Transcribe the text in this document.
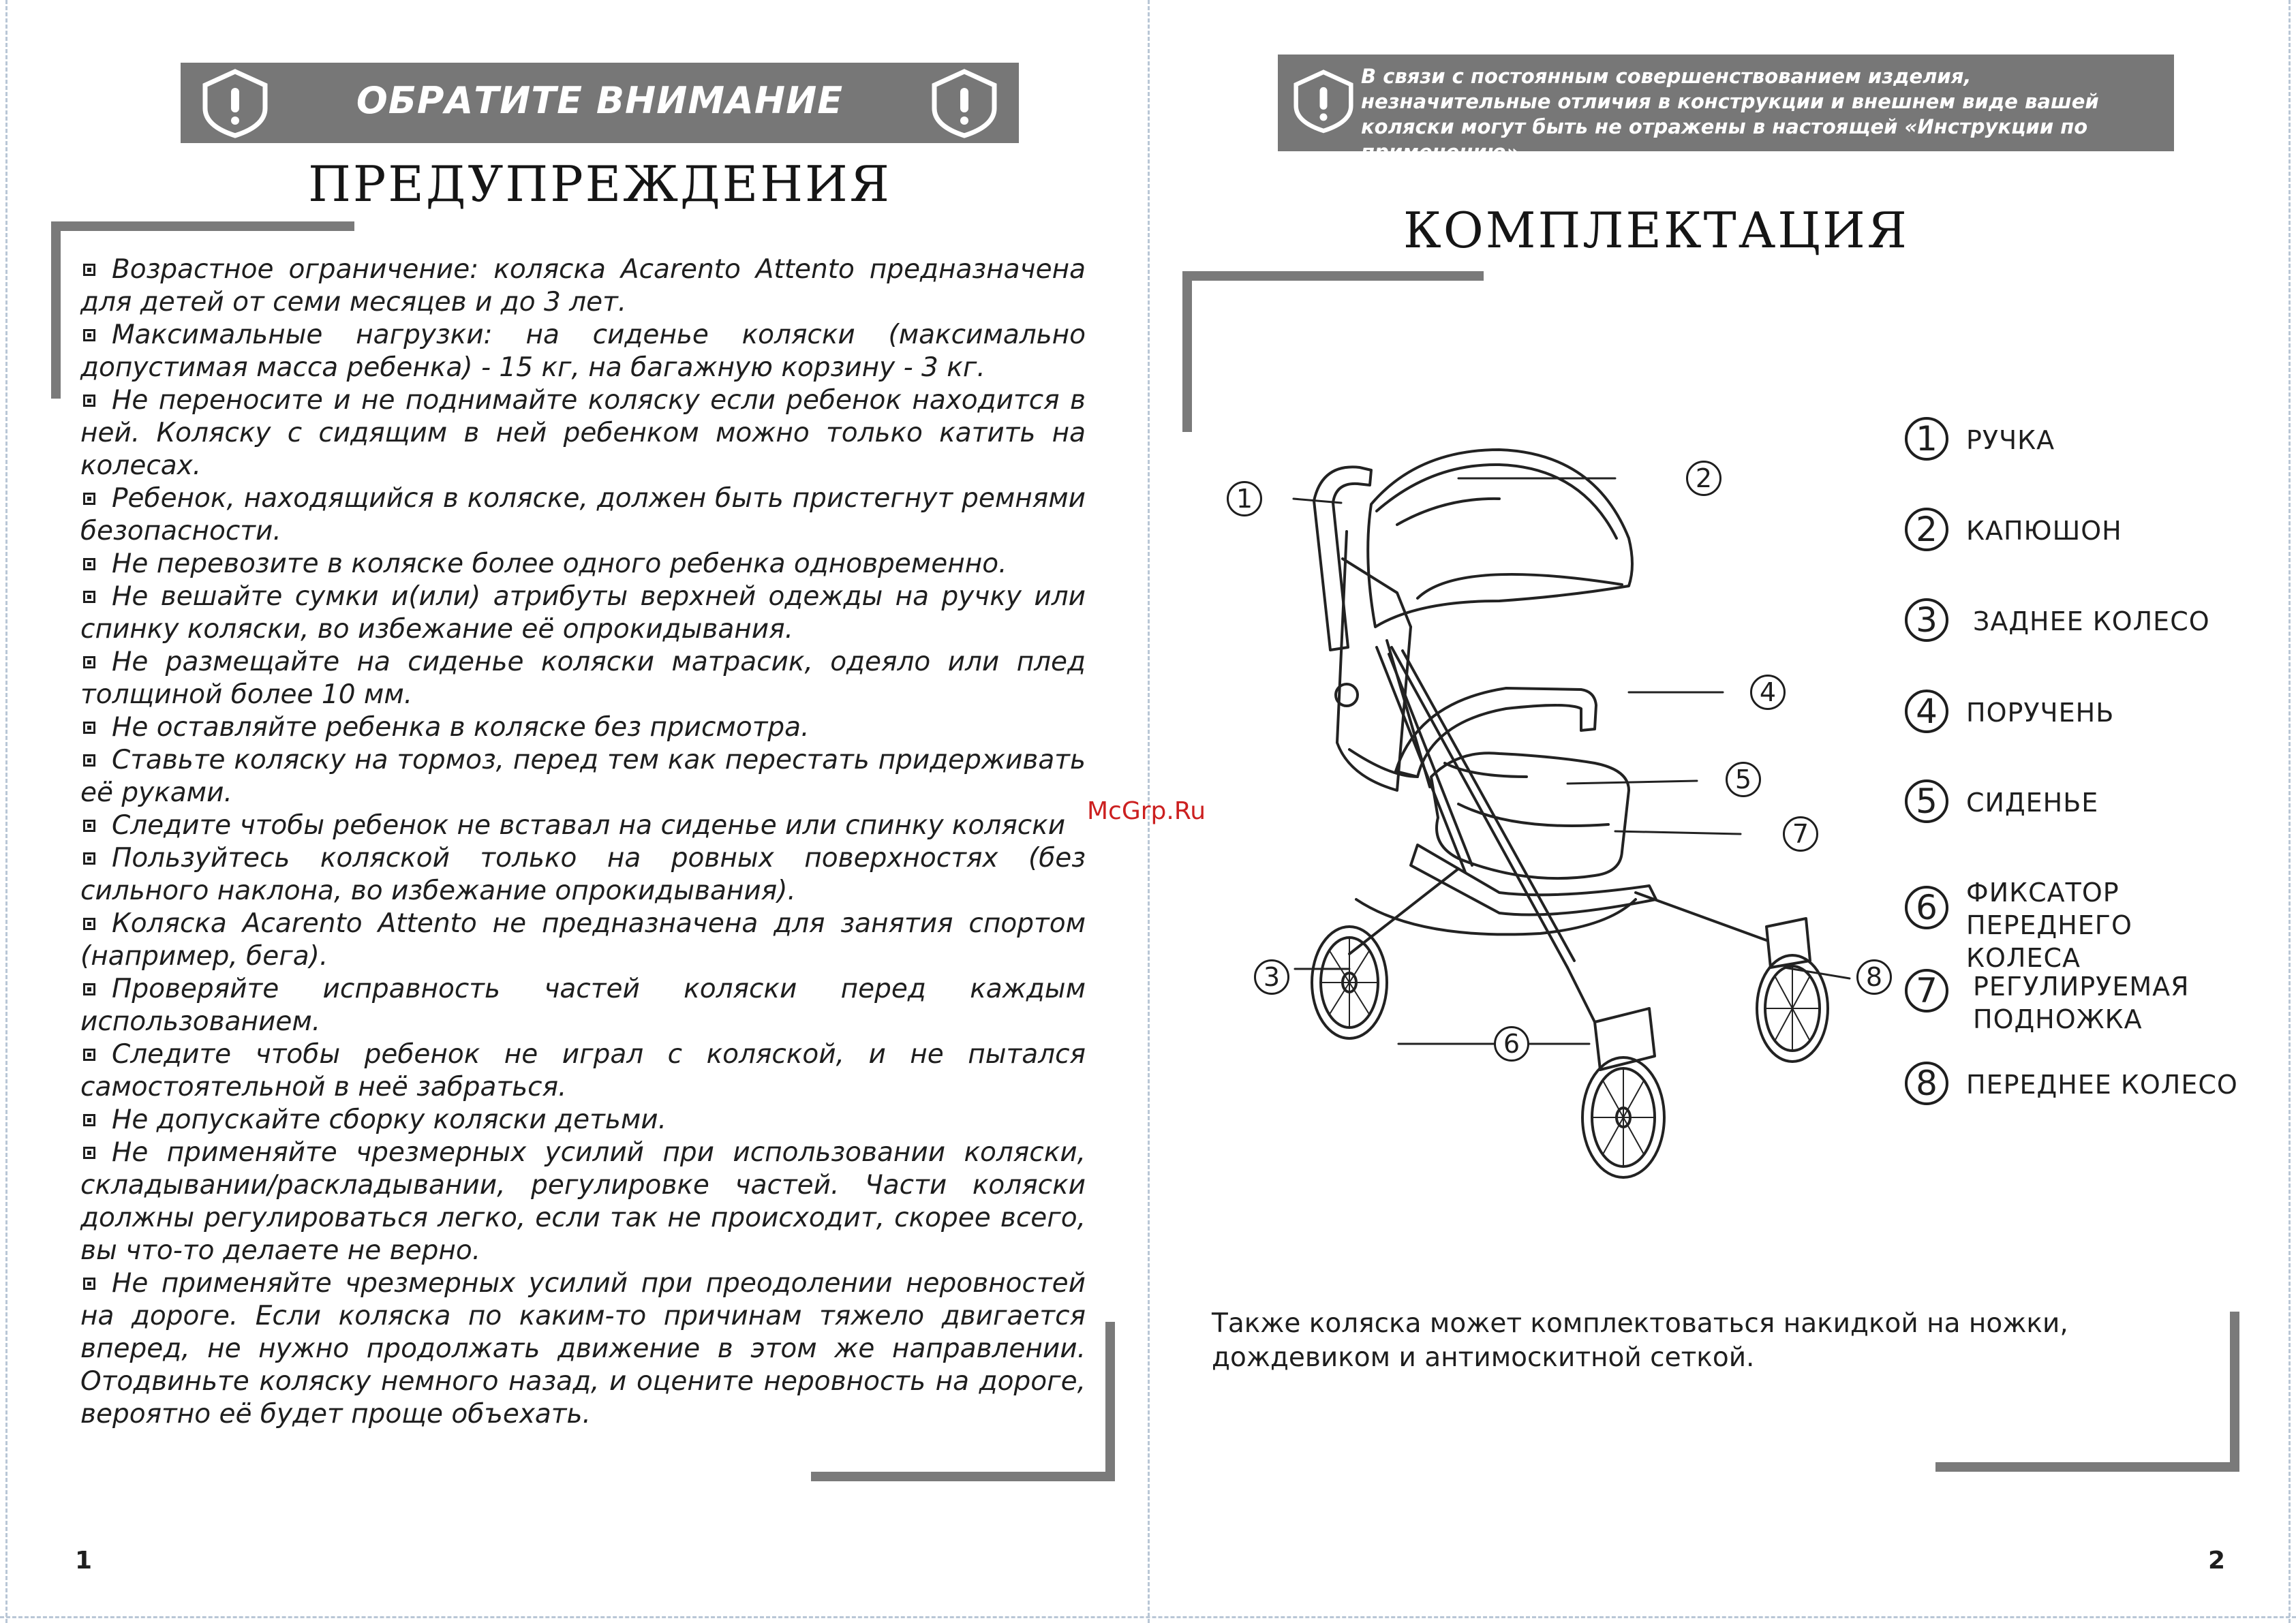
ОБРАТИТЕ ВНИМАНИЕ
ПРЕДУПРЕЖДЕНИЯ

Возрастное ограничение: коляска Acarento Attento предназначена для детей от семи месяцев и до 3 лет.

Максимальные нагрузки: на сиденье коляски (максимально допустимая масса ребенка) - 15 кг, на багажную корзину - 3 кг.

Не переносите и не поднимайте коляску если ребенок находится в ней. Коляску с сидящим в ней ребенком можно только катить на колесах.

Ребенок, находящийся в коляске, должен быть пристегнут ремнями безопасности.

Не перевозите в коляске более одного ребенка одновременно.

Не вешайте сумки и(или) атрибуты верхней одежды на ручку или спинку коляски, во избежание её опрокидывания.

Не размещайте на сиденье коляски матрасик, одеяло или плед толщиной более 10 мм.

Не оставляйте ребенка в коляске без присмотра.

Ставьте коляску на тормоз, перед тем как перестать придерживать её руками.

Следите чтобы ребенок не вставал на сиденье или спинку коляски

Пользуйтесь коляской только на ровных поверхностях (без сильного наклона, во избежание опрокидывания).

Коляска Acarento Attento не предназначена для занятия спортом (например, бега).

Проверяйте исправность частей коляски перед каждым использованием.

Следите чтобы ребенок не играл с коляской, и не пытался самостоятельной в неё забраться.

Не допускайте сборку коляски детьми.

Не применяйте чрезмерных усилий при использовании коляски, складывании/раскладывании, регулировке частей. Части коляски должны регулироваться легко, если так не происходит, скорее всего, вы что-то делаете не верно.

Не применяйте чрезмерных усилий при преодолении неровностей на дороге. Если коляска по каким-то причинам тяжело двигается вперед, не нужно продолжать движение в этом же направлении. Отодвиньте коляску немного назад, и оцените неровность на дороге, вероятно её будет проще объехать.

1
McGrp.Ru
В связи с постоянным совершенствованием изделия, незначительные отличия в конструкции и внешнем виде вашей коляски могут быть не отражены в настоящей «Инструкции по применению».
КОМПЛЕКТАЦИЯ
1
2
3
4
5
6
7
8
1	РУЧКА
2	КАПЮШОН
3	ЗАДНЕЕ КОЛЕСО
4	ПОРУЧЕНЬ
5	СИДЕНЬЕ
6	ФИКСАТОР ПЕРЕДНЕГО КОЛЕСА
7	РЕГУЛИРУЕМАЯ ПОДНОЖКА
8	ПЕРЕДНЕЕ КОЛЕСО
Также коляска может комплектоваться накидкой на ножки, дождевиком и антимоскитной сеткой.
2
